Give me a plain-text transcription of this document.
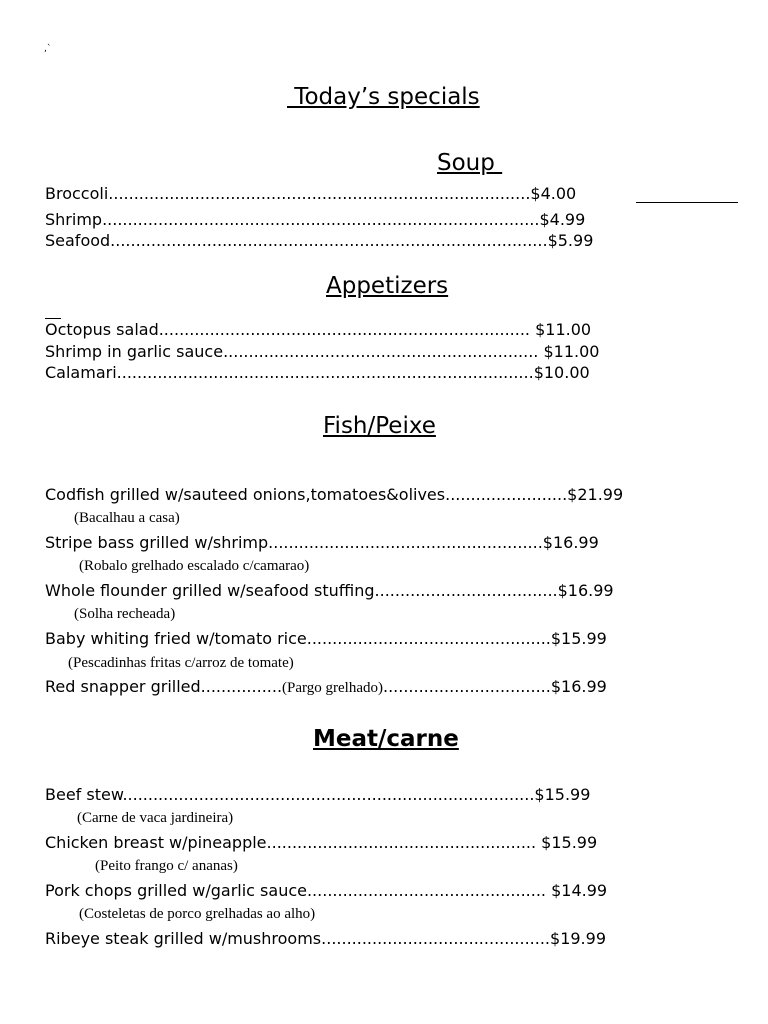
,`
Today’s specials
Soup
Broccoli...................................................................................$4.00
Shrimp......................................................................................$4.99
Seafood......................................................................................$5.99
Appetizers
Octopus salad......................................................................... $11.00
Shrimp in garlic sauce.............................................................. $11.00
Calamari..................................................................................$10.00
Fish/Peixe
Codfish grilled w/sauteed onions,tomatoes&olives........................$21.99
(Bacalhau a casa)
Stripe bass grilled w/shrimp......................................................$16.99
(Robalo grelhado escalado c/camarao)
Whole flounder grilled w/seafood stuffing....................................$16.99
(Solha recheada)
Baby whiting fried w/tomato rice................................................$15.99
(Pescadinhas fritas c/arroz de tomate)
Red snapper grilled................(Pargo grelhado).................................$16.99
Meat/carne
Beef stew.................................................................................$15.99
(Carne de vaca jardineira)
Chicken breast w/pineapple..................................................... $15.99
(Peito frango c/ ananas)
Pork chops grilled w/garlic sauce............................................... $14.99
(Costeletas de porco grelhadas ao alho)
Ribeye steak grilled w/mushrooms.............................................$19.99
